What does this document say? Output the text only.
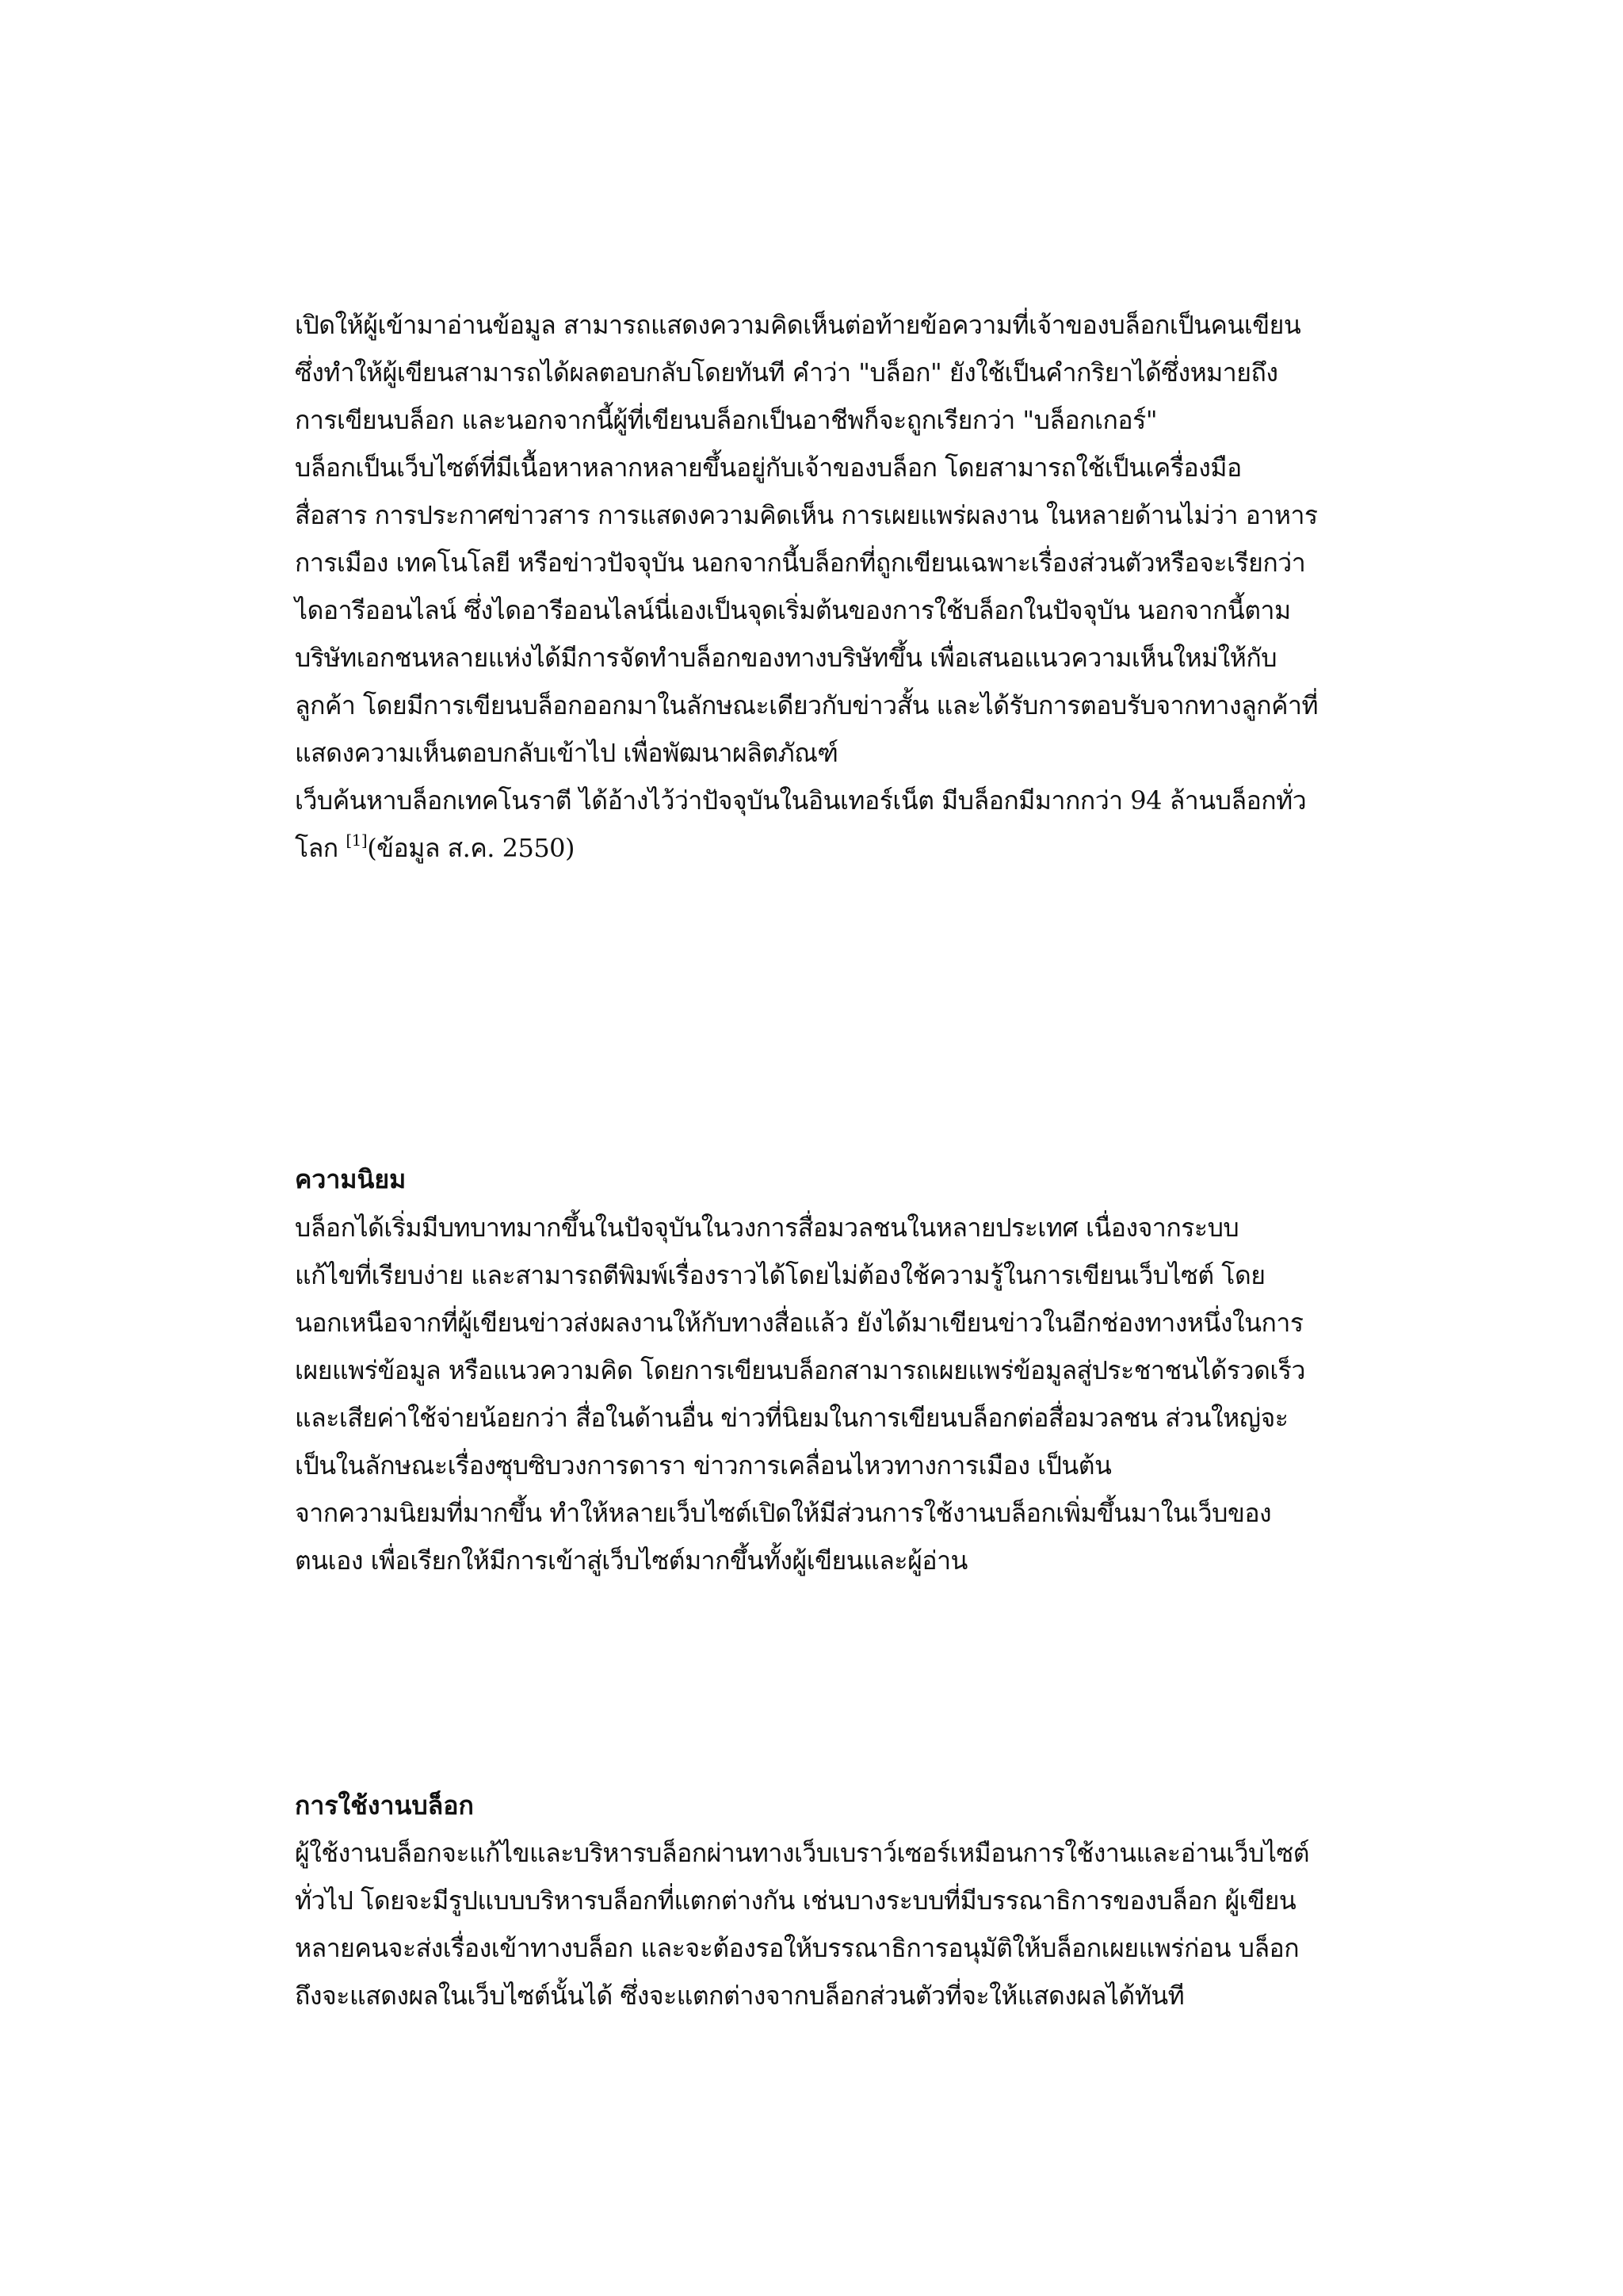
เปิดให้ผู้เข้ามาอ่านข้อมูล สามารถแสดงความคิดเห็นต่อท้ายข้อความที่เจ้าของบล็อกเป็นคนเขียน
ซึ่งทำให้ผู้เขียนสามารถได้ผลตอบกลับโดยทันที คำว่า "บล็อก" ยังใช้เป็นคำกริยาได้ซึ่งหมายถึง
การเขียนบล็อก และนอกจากนี้ผู้ที่เขียนบล็อกเป็นอาชีพก็จะถูกเรียกว่า "บล็อกเกอร์"
บล็อกเป็นเว็บไซต์ที่มีเนื้อหาหลากหลายขึ้นอยู่กับเจ้าของบล็อก โดยสามารถใช้เป็นเครื่องมือ
สื่อสาร การประกาศข่าวสาร การแสดงความคิดเห็น การเผยแพร่ผลงาน ในหลายด้านไม่ว่า อาหาร
การเมือง เทคโนโลยี หรือข่าวปัจจุบัน นอกจากนี้บล็อกที่ถูกเขียนเฉพาะเรื่องส่วนตัวหรือจะเรียกว่า
ไดอารีออนไลน์ ซึ่งไดอารีออนไลน์นี่เองเป็นจุดเริ่มต้นของการใช้บล็อกในปัจจุบัน นอกจากนี้ตาม
บริษัทเอกชนหลายแห่งได้มีการจัดทำบล็อกของทางบริษัทขึ้น เพื่อเสนอแนวความเห็นใหม่ให้กับ
ลูกค้า โดยมีการเขียนบล็อกออกมาในลักษณะเดียวกับข่าวสั้น และได้รับการตอบรับจากทางลูกค้าที่
แสดงความเห็นตอบกลับเข้าไป เพื่อพัฒนาผลิตภัณฑ์
เว็บค้นหาบล็อกเทคโนราตี ได้อ้างไว้ว่าปัจจุบันในอินเทอร์เน็ต มีบล็อกมีมากกว่า 94 ล้านบล็อกทั่ว
โลก [1](ข้อมูล ส.ค. 2550)
ความนิยม
บล็อกได้เริ่มมีบทบาทมากขึ้นในปัจจุบันในวงการสื่อมวลชนในหลายประเทศ เนื่องจากระบบ
แก้ไขที่เรียบง่าย และสามารถตีพิมพ์เรื่องราวได้โดยไม่ต้องใช้ความรู้ในการเขียนเว็บไซต์ โดย
นอกเหนือจากที่ผู้เขียนข่าวส่งผลงานให้กับทางสื่อแล้ว ยังได้มาเขียนข่าวในอีกช่องทางหนึ่งในการ
เผยแพร่ข้อมูล หรือแนวความคิด โดยการเขียนบล็อกสามารถเผยแพร่ข้อมูลสู่ประชาชนได้รวดเร็ว
และเสียค่าใช้จ่ายน้อยกว่า สื่อในด้านอื่น ข่าวที่นิยมในการเขียนบล็อกต่อสื่อมวลชน ส่วนใหญ่จะ
เป็นในลักษณะเรื่องซุบซิบวงการดารา ข่าวการเคลื่อนไหวทางการเมือง เป็นต้น
จากความนิยมที่มากขึ้น ทำให้หลายเว็บไซต์เปิดให้มีส่วนการใช้งานบล็อกเพิ่มขึ้นมาในเว็บของ
ตนเอง เพื่อเรียกให้มีการเข้าสู่เว็บไซต์มากขึ้นทั้งผู้เขียนและผู้อ่าน
การใช้งานบล็อก
ผู้ใช้งานบล็อกจะแก้ไขและบริหารบล็อกผ่านทางเว็บเบราว์เซอร์เหมือนการใช้งานและอ่านเว็บไซต์
ทั่วไป โดยจะมีรูปแบบบริหารบล็อกที่แตกต่างกัน เช่นบางระบบที่มีบรรณาธิการของบล็อก ผู้เขียน
หลายคนจะส่งเรื่องเข้าทางบล็อก และจะต้องรอให้บรรณาธิการอนุมัติให้บล็อกเผยแพร่ก่อน บล็อก
ถึงจะแสดงผลในเว็บไซต์นั้นได้ ซึ่งจะแตกต่างจากบล็อกส่วนตัวที่จะให้แสดงผลได้ทันที
